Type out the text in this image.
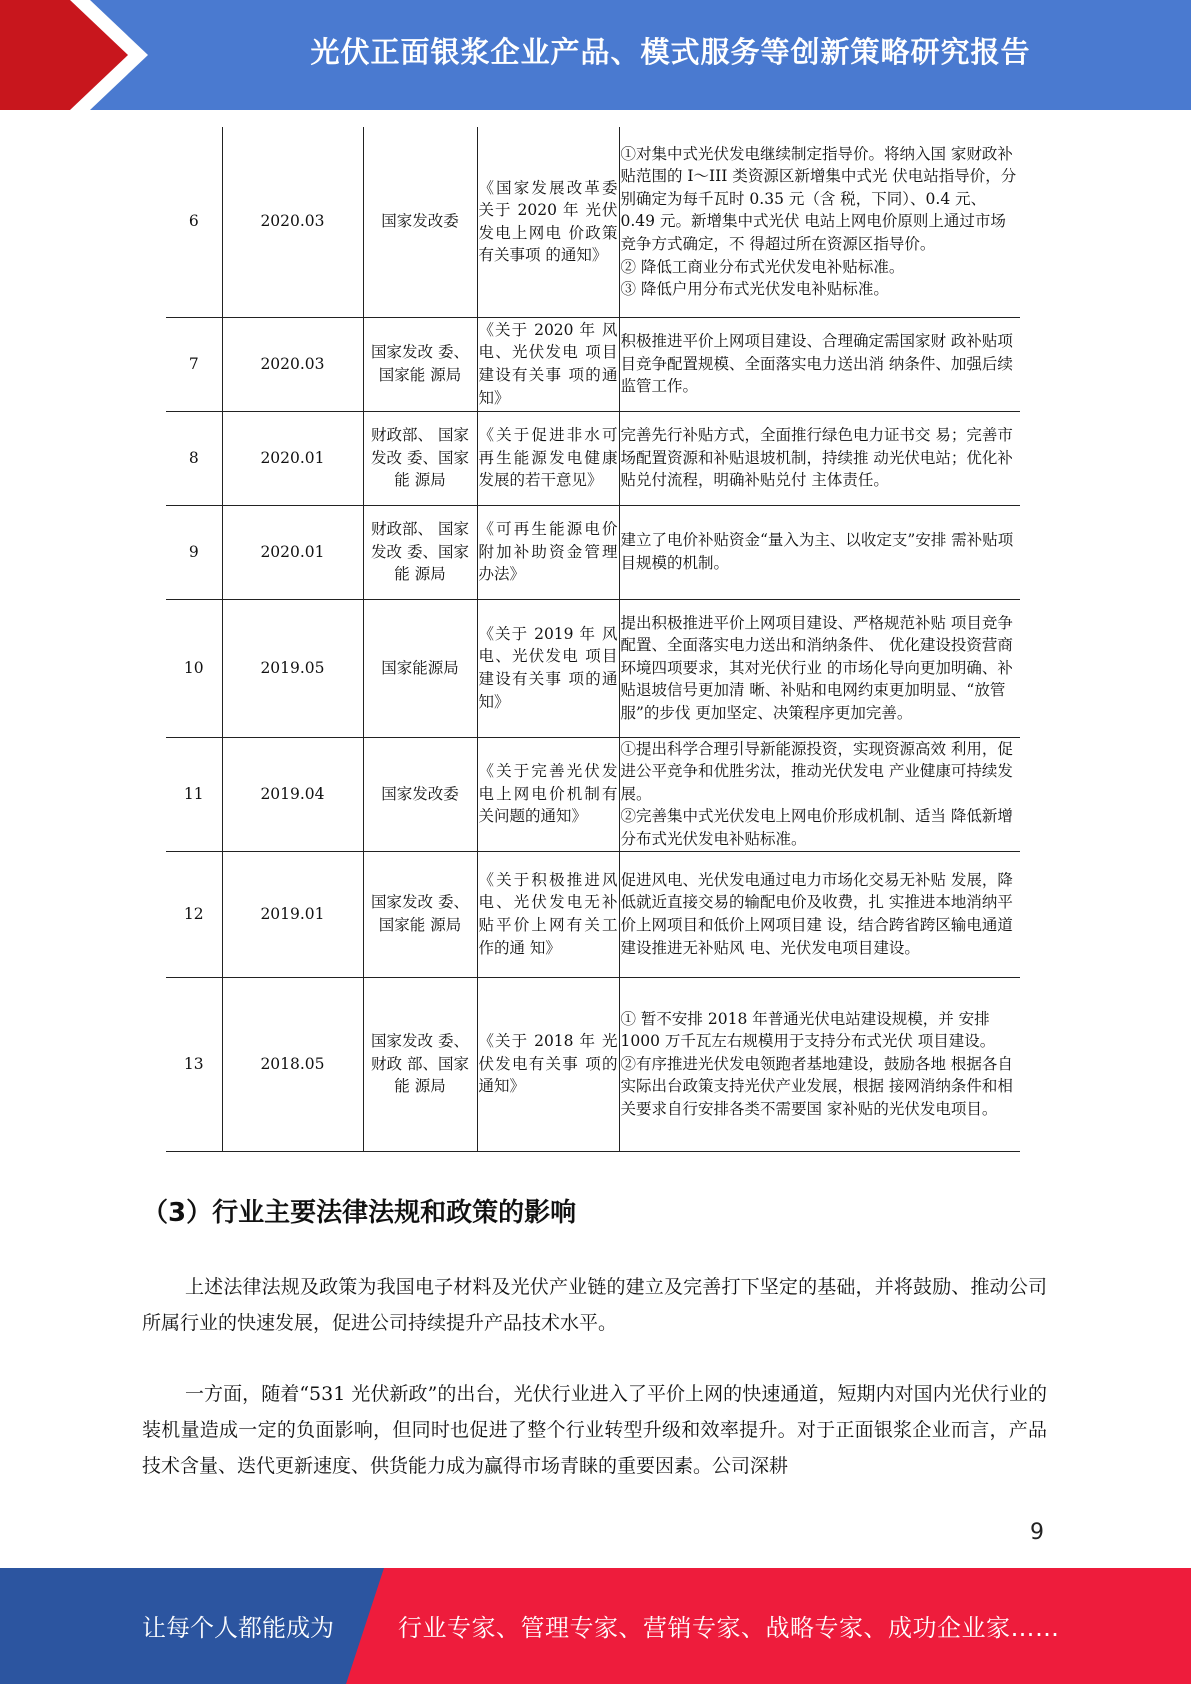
光伏正面银浆企业产品、模式服务等创新策略研究报告
6	2020.03	国家发改委	《国家发展改革委关于 2020 年 光伏发电上网电 价政策有关事项 的通知》	①对集中式光伏发电继续制定指导价。将纳入国 家财政补贴范围的 I～III 类资源区新增集中式光 伏电站指导价，分别确定为每千瓦时 0.35 元（含 税，下同）、0.4 元、0.49 元。新增集中式光伏 电站上网电价原则上通过市场竞争方式确定，不 得超过所在资源区指导价。
② 降低工商业分布式光伏发电补贴标准。
③ 降低户用分布式光伏发电补贴标准。
7	2020.03	国家发改 委、国家能 源局	《关于 2020 年 风电、光伏发电 项目建设有关事 项的通知》	积极推进平价上网项目建设、合理确定需国家财 政补贴项目竞争配置规模、全面落实电力送出消 纳条件、加强后续监管工作。
8	2020.01	财政部、 国家发改 委、国家能 源局	《关于促进非水可再生能源发电健康发展的若干意见》	完善先行补贴方式，全面推行绿色电力证书交 易；完善市场配置资源和补贴退坡机制，持续推 动光伏电站；优化补贴兑付流程，明确补贴兑付 主体责任。
9	2020.01	财政部、 国家发改 委、国家能 源局	《可再生能源电价附加补助资金管理办法》	建立了电价补贴资金“量入为主、以收定支”安排 需补贴项目规模的机制。
10	2019.05	国家能源局	《关于 2019 年 风电、光伏发电 项目建设有关事 项的通知》	提出积极推进平价上网项目建设、严格规范补贴 项目竞争配置、全面落实电力送出和消纳条件、 优化建设投资营商环境四项要求，其对光伏行业 的市场化导向更加明确、补贴退坡信号更加清 晰、补贴和电网约束更加明显、“放管服”的步伐 更加坚定、决策程序更加完善。
11	2019.04	国家发改委	《关于完善光伏发电上网电价机制有关问题的通知》	①提出科学合理引导新能源投资，实现资源高效 利用，促进公平竞争和优胜劣汰，推动光伏发电 产业健康可持续发展。
②完善集中式光伏发电上网电价形成机制、适当 降低新增分布式光伏发电补贴标准。
12	2019.01	国家发改 委、国家能 源局	《关于积极推进风电、光伏发电无补贴平价上网有关工作的通 知》	促进风电、光伏发电通过电力市场化交易无补贴 发展，降低就近直接交易的输配电价及收费，扎 实推进本地消纳平价上网项目和低价上网项目建 设，结合跨省跨区输电通道建设推进无补贴风 电、光伏发电项目建设。
13	2018.05	国家发改 委、财政 部、国家 能 源局	《关于 2018 年 光伏发电有关事 项的通知》	① 暂不安排 2018 年普通光伏电站建设规模，并 安排 1000 万千瓦左右规模用于支持分布式光伏 项目建设。
②有序推进光伏发电领跑者基地建设，鼓励各地 根据各自实际出台政策支持光伏产业发展，根据 接网消纳条件和相关要求自行安排各类不需要国 家补贴的光伏发电项目。
（3）行业主要法律法规和政策的影响
上述法律法规及政策为我国电子材料及光伏产业链的建立及完善打下坚定的基础，并将鼓励、推动公司所属行业的快速发展，促进公司持续提升产品技术水平。
一方面，随着“531 光伏新政”的出台，光伏行业进入了平价上网的快速通道，短期内对国内光伏行业的装机量造成一定的负面影响，但同时也促进了整个行业转型升级和效率提升。对于正面银浆企业而言，产品技术含量、迭代更新速度、供货能力成为赢得市场青睐的重要因素。公司深耕
9
让每个人都能成为	行业专家、管理专家、营销专家、战略专家、成功企业家……
